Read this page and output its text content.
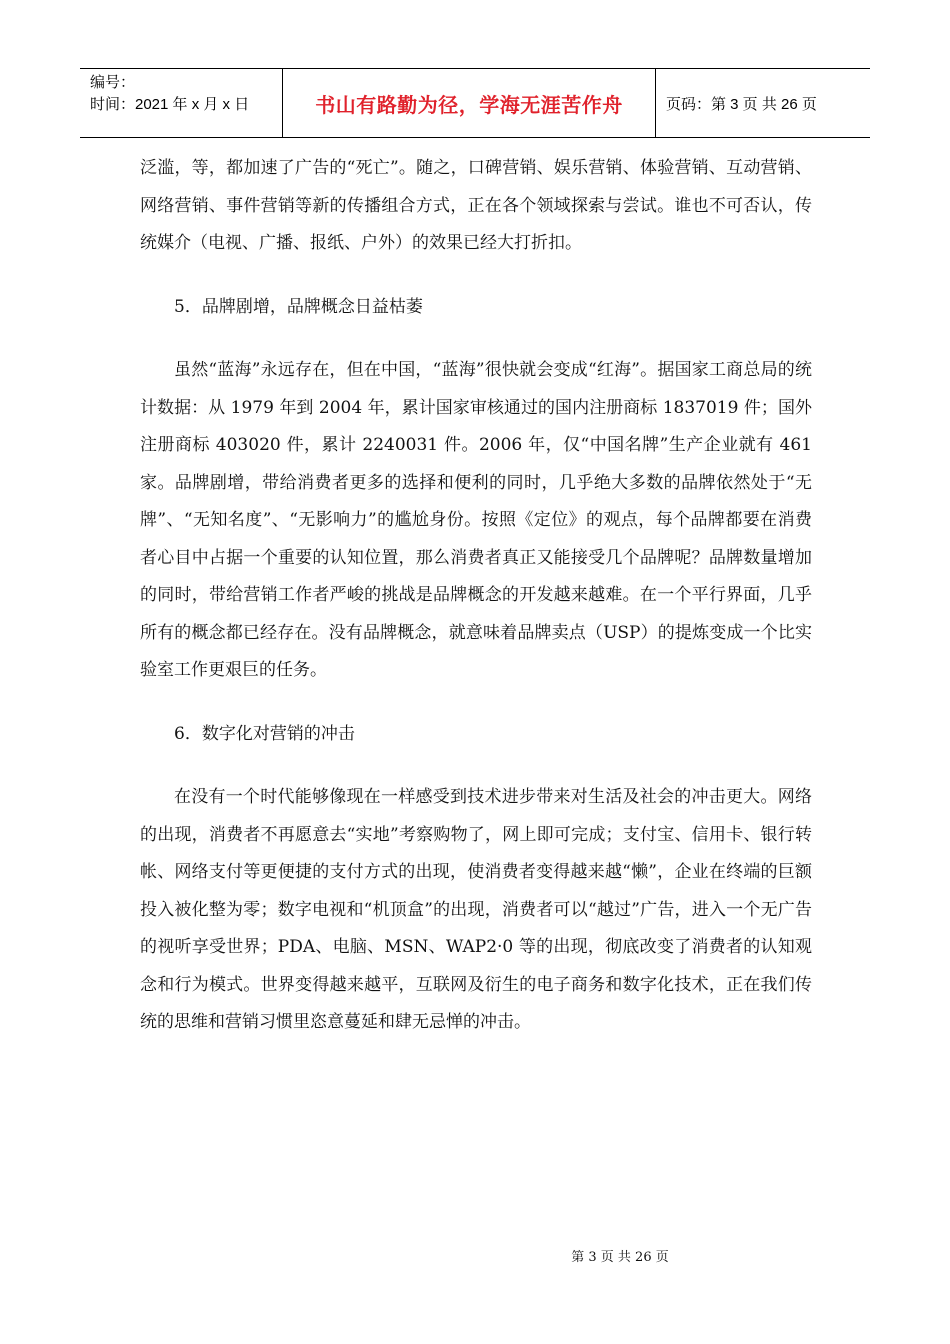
编号：
时间：2021 年 x 月 x 日	书山有路勤为径，学海无涯苦作舟	页码：第 3 页 共 26 页

泛滥，等，都加速了广告的“死亡”。随之，口碑营销、娱乐营销、体验营销、互动营销、网络营销、事件营销等新的传播组合方式，正在各个领域探索与尝试。谁也不可否认，传统媒介（电视、广播、报纸、户外）的效果已经大打折扣。

5．品牌剧增，品牌概念日益枯萎

虽然“蓝海”永远存在，但在中国，“蓝海”很快就会变成“红海”。据国家工商总局的统计数据：从 1979 年到 2004 年，累计国家审核通过的国内注册商标 1837019 件；国外注册商标 403020 件，累计 2240031 件。2006 年，仅“中国名牌”生产企业就有 461 家。品牌剧增，带给消费者更多的选择和便利的同时，几乎绝大多数的品牌依然处于“无牌”、“无知名度”、“无影响力”的尴尬身份。按照《定位》的观点，每个品牌都要在消费者心目中占据一个重要的认知位置，那么消费者真正又能接受几个品牌呢？品牌数量增加的同时，带给营销工作者严峻的挑战是品牌概念的开发越来越难。在一个平行界面，几乎所有的概念都已经存在。没有品牌概念，就意味着品牌卖点（USP）的提炼变成一个比实验室工作更艰巨的任务。

6．数字化对营销的冲击

在没有一个时代能够像现在一样感受到技术进步带来对生活及社会的冲击更大。网络的出现，消费者不再愿意去“实地”考察购物了，网上即可完成；支付宝、信用卡、银行转帐、网络支付等更便捷的支付方式的出现，使消费者变得越来越“懒”，企业在终端的巨额投入被化整为零；数字电视和“机顶盒”的出现，消费者可以“越过”广告，进入一个无广告的视听享受世界；PDA、电脑、MSN、WAP2·0 等的出现，彻底改变了消费者的认知观念和行为模式。世界变得越来越平，互联网及衍生的电子商务和数字化技术，正在我们传统的思维和营销习惯里恣意蔓延和肆无忌惮的冲击。

第 3 页 共 26 页
